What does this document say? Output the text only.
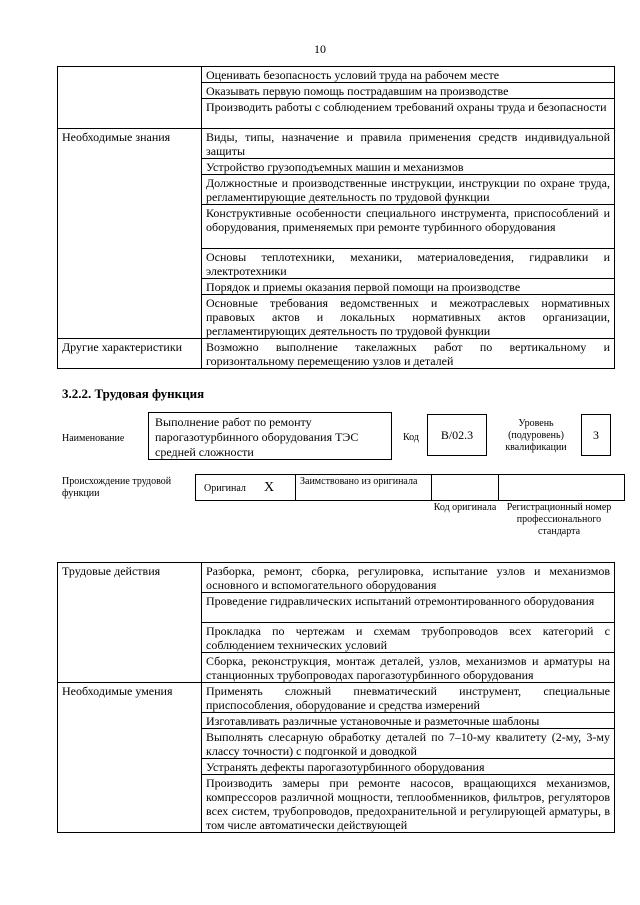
10
	Оценивать безопасность условий труда на рабочем месте
	Оказывать первую помощь пострадавшим на производстве
	Производить работы с соблюдением требований охраны труда и безопасности
Необходимые знания	Виды, типы, назначение и правила применения средств индивидуальной защиты
	Устройство грузоподъемных машин и механизмов
	Должностные и производственные инструкции, инструкции по охране труда, регламентирующие деятельность по трудовой функции
	Конструктивные особенности специального инструмента, приспособлений и оборудования, применяемых при ремонте турбинного оборудования
	Основы теплотехники, механики, материаловедения, гидравлики и электротехники
	Порядок и приемы оказания первой помощи на производстве
	Основные требования ведомственных и межотраслевых нормативных правовых актов и локальных нормативных актов организации, регламентирующих деятельность по трудовой функции
Другие характеристики	Возможно выполнение такелажных работ по вертикальному и горизонтальному перемещению узлов и деталей
3.2.2. Трудовая функция
Наименование
Выполнение работ по ремонту парогазотурбинного оборудования ТЭС средней сложности
Код	В/02.3
Уровень (подуровень) квалификации
3
Происхождение трудовой функции	Оригинал X	Заимствовано из оригинала
Код оригинала Регистрационный номер профессионального стандарта
Трудовые действия	Разборка, ремонт, сборка, регулировка, испытание узлов и механизмов основного и вспомогательного оборудования
	Проведение гидравлических испытаний отремонтированного оборудования
	Прокладка по чертежам и схемам трубопроводов всех категорий с соблюдением технических условий
	Сборка, реконструкция, монтаж деталей, узлов, механизмов и арматуры на станционных трубопроводах парогазотурбинного оборудования
Необходимые умения	Применять сложный пневматический инструмент, специальные приспособления, оборудование и средства измерений
	Изготавливать различные установочные и разметочные шаблоны
	Выполнять слесарную обработку деталей по 7–10-му квалитету (2-му, 3-му классу точности) с подгонкой и доводкой
	Устранять дефекты парогазотурбинного оборудования
	Производить замеры при ремонте насосов, вращающихся механизмов, компрессоров различной мощности, теплообменников, фильтров, регуляторов всех систем, трубопроводов, предохранительной и регулирующей арматуры, в том числе автоматически действующей
